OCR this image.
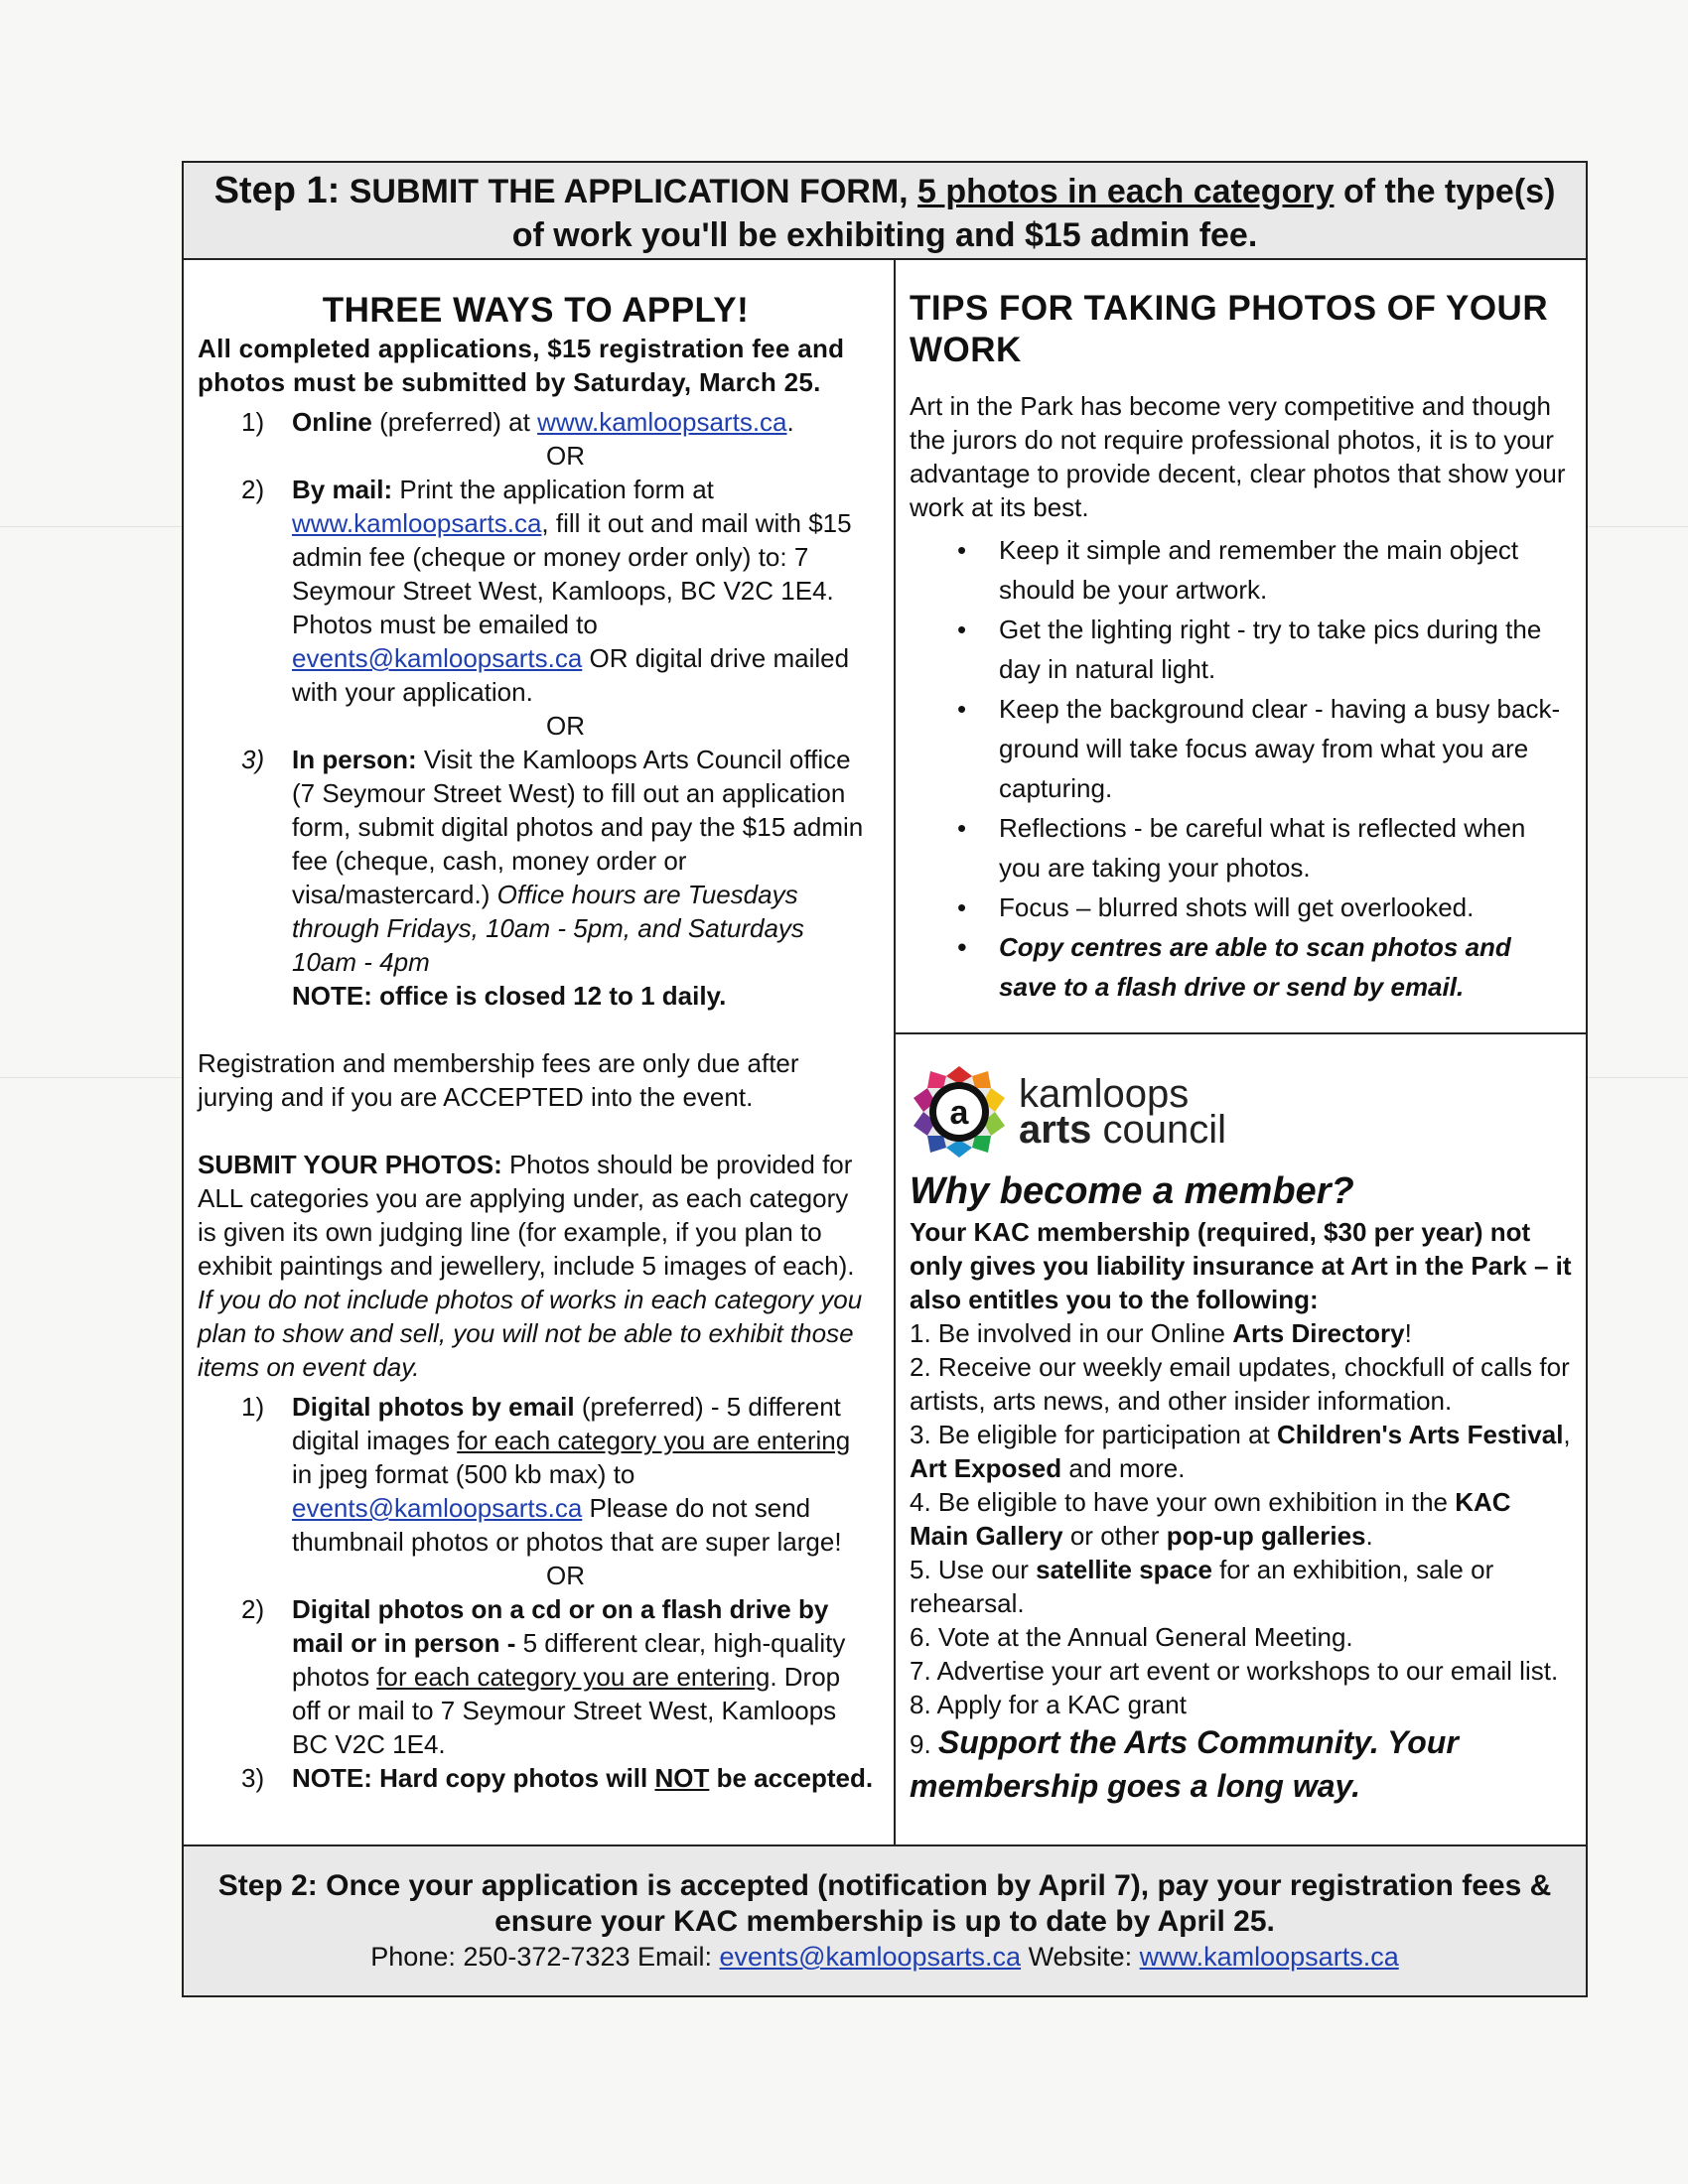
Step 1: SUBMIT THE APPLICATION FORM, 5 photos in each category of the type(s) of work you'll be exhibiting and $15 admin fee.
THREE WAYS TO APPLY!

All completed applications, $15 registration fee and photos must be submitted by Saturday, March 25.

1) Online (preferred) at www.kamloopsarts.ca.
OR
2) By mail: Print the application form at www.kamloopsarts.ca, fill it out and mail with $15 admin fee (cheque or money order only) to: 7 Seymour Street West, Kamloops, BC V2C 1E4. Photos must be emailed to events@kamloopsarts.ca OR digital drive mailed with your application.
OR
3) In person: Visit the Kamloops Arts Council office (7 Seymour Street West) to fill out an application form, submit digital photos and pay the $15 admin fee (cheque, cash, money order or visa/mastercard.) Office hours are Tuesdays through Fridays, 10am - 5pm, and Saturdays 10am - 4pm
NOTE: office is closed 12 to 1 daily.

Registration and membership fees are only due after jurying and if you are ACCEPTED into the event.

SUBMIT YOUR PHOTOS: Photos should be provided for ALL categories you are applying under, as each category is given its own judging line (for example, if you plan to exhibit paintings and jewellery, include 5 images of each). If you do not include photos of works in each category you plan to show and sell, you will not be able to exhibit those items on event day.

1) Digital photos by email (preferred) - 5 different digital images for each category you are entering in jpeg format (500 kb max) to events@kamloopsarts.ca Please do not send thumbnail photos or photos that are super large!
OR
2) Digital photos on a cd or on a flash drive by mail or in person - 5 different clear, high-quality photos for each category you are entering. Drop off or mail to 7 Seymour Street West, Kamloops BC V2C 1E4.
3) NOTE: Hard copy photos will NOT be accepted.
TIPS FOR TAKING PHOTOS OF YOUR WORK

Art in the Park has become very competitive and though the jurors do not require professional photos, it is to your advantage to provide decent, clear photos that show your work at its best.

• Keep it simple and remember the main object should be your artwork.
• Get the lighting right - try to take pics during the day in natural light.
• Keep the background clear - having a busy back-ground will take focus away from what you are capturing.
• Reflections - be careful what is reflected when you are taking your photos.
• Focus – blurred shots will get overlooked.
• Copy centres are able to scan photos and save to a flash drive or send by email.
a kamloops
arts council
Why become a member?

Your KAC membership (required, $30 per year) not only gives you liability insurance at Art in the Park – it also entitles you to the following:

1. Be involved in our Online Arts Directory!

2. Receive our weekly email updates, chockfull of calls for artists, arts news, and other insider information.

3. Be eligible for participation at Children's Arts Festival, Art Exposed and more.

4. Be eligible to have your own exhibition in the KAC Main Gallery or other pop-up galleries.

5. Use our satellite space for an exhibition, sale or rehearsal.

6. Vote at the Annual General Meeting.

7. Advertise your art event or workshops to our email list.

8. Apply for a KAC grant

9. Support the Arts Community. Your membership goes a long way.

Step 2: Once your application is accepted (notification by April 7), pay your registration fees & ensure your KAC membership is up to date by April 25.
Phone: 250-372-7323 Email: events@kamloopsarts.ca Website: www.kamloopsarts.ca
